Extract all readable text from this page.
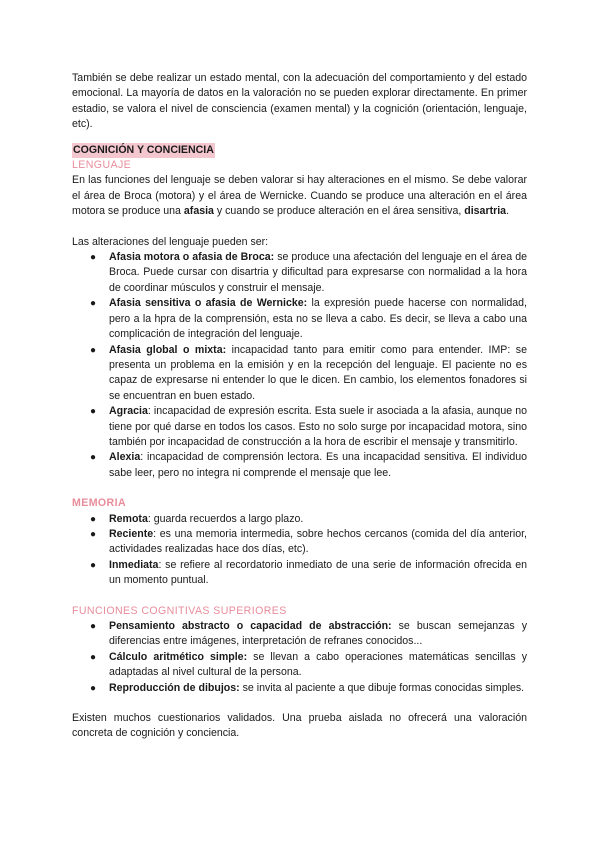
También se debe realizar un estado mental, con la adecuación del comportamiento y del estado emocional. La mayoría de datos en la valoración no se pueden explorar directamente. En primer estadio, se valora el nivel de consciencia (examen mental) y la cognición (orientación, lenguaje, etc).

COGNICIÓN Y CONCIENCIA
LENGUAJE

En las funciones del lenguaje se deben valorar si hay alteraciones en el mismo. Se debe valorar el área de Broca (motora) y el área de Wernicke. Cuando se produce una alteración en el área motora se produce una afasia y cuando se produce alteración en el área sensitiva, disartria.

Las alteraciones del lenguaje pueden ser:

● Afasia motora o afasia de Broca: se produce una afectación del lenguaje en el área de Broca. Puede cursar con disartria y dificultad para expresarse con normalidad a la hora de coordinar músculos y construir el mensaje.
● Afasia sensitiva o afasia de Wernicke: la expresión puede hacerse con normalidad, pero a la hpra de la comprensión, esta no se lleva a cabo. Es decir, se lleva a cabo una complicación de integración del lenguaje.
● Afasia global o mixta: incapacidad tanto para emitir como para entender. IMP: se presenta un problema en la emisión y en la recepción del lenguaje. El paciente no es capaz de expresarse ni entender lo que le dicen. En cambio, los elementos fonadores si se encuentran en buen estado.
● Agracia: incapacidad de expresión escrita. Esta suele ir asociada a la afasia, aunque no tiene por qué darse en todos los casos. Esto no solo surge por incapacidad motora, sino también por incapacidad de construcción a la hora de escribir el mensaje y transmitirlo.
● Alexia: incapacidad de comprensión lectora. Es una incapacidad sensitiva. El individuo sabe leer, pero no integra ni comprende el mensaje que lee.
MEMORIA
● Remota: guarda recuerdos a largo plazo.
● Reciente: es una memoria intermedia, sobre hechos cercanos (comida del día anterior, actividades realizadas hace dos días, etc).
● Inmediata: se refiere al recordatorio inmediato de una serie de información ofrecida en un momento puntual.
FUNCIONES COGNITIVAS SUPERIORES
● Pensamiento abstracto o capacidad de abstracción: se buscan semejanzas y diferencias entre imágenes, interpretación de refranes conocidos...
● Cálculo aritmético simple: se llevan a cabo operaciones matemáticas sencillas y adaptadas al nivel cultural de la persona.
● Reproducción de dibujos: se invita al paciente a que dibuje formas conocidas simples.

Existen muchos cuestionarios validados. Una prueba aislada no ofrecerá una valoración concreta de cognición y conciencia.
